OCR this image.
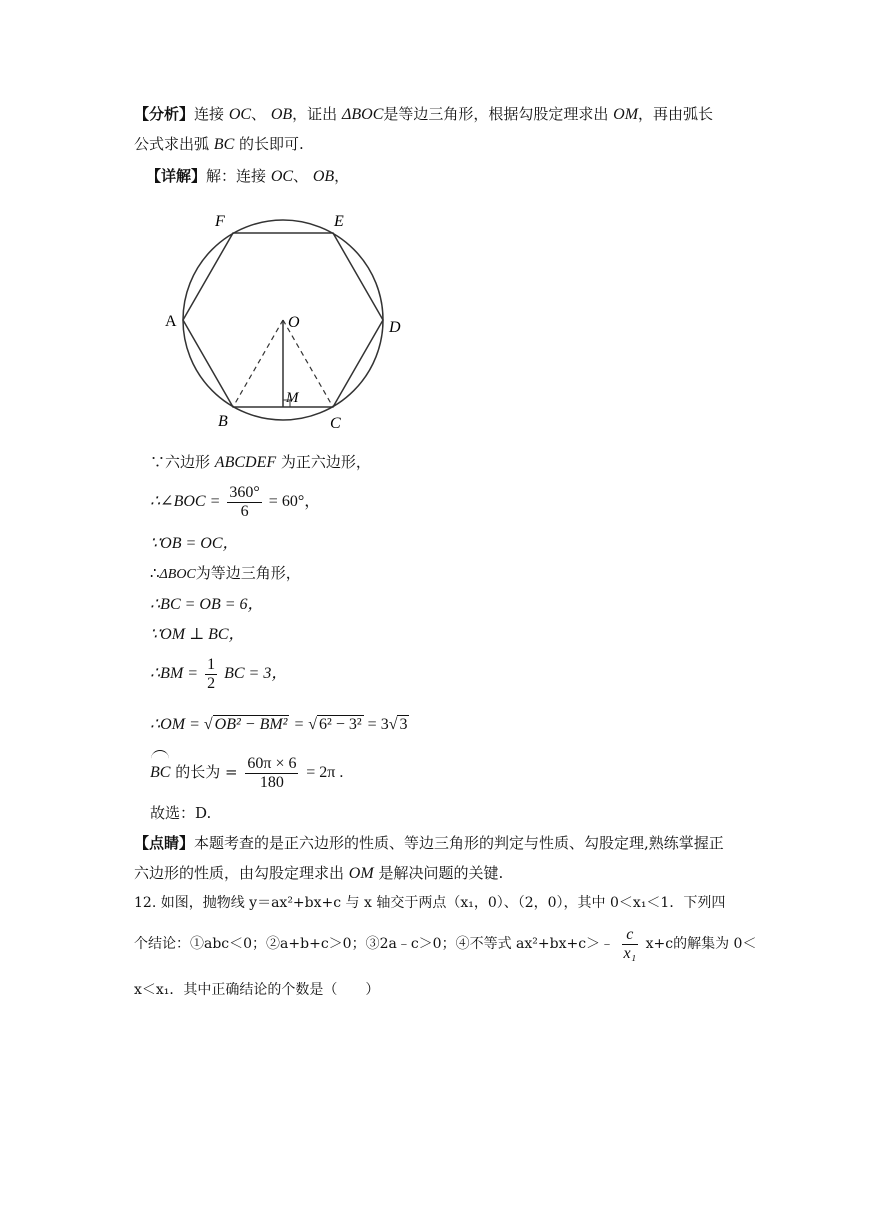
【分析】连接 OC、 OB，证出 ΔBOC是等边三角形，根据勾股定理求出 OM，再由弧长
公式求出弧 BC 的长即可.
【详解】解：连接 OC、 OB，
F	E
A	D
O
M
B	C
∵六边形 ABCDEF 为正六边形，
∴∠BOC = $\frac{360^\circ}{6} = 60^\circ$，
∵OB = OC，
∴ΔBOC为等边三角形，
∴BC = OB = 6，
∵OM ⊥ BC，
∴BM = $\frac{1}{2}$ BC = 3，
∴OM = √ OB² − BM² = √ 6² − 3² = 3√ 3
BC 的长为 = $\frac{60\pi \times 6}{180} = 2\pi$ .
故选：D.
【点睛】本题考查的是正六边形的性质、等边三角形的判定与性质、勾股定理,熟练掌握正
六边形的性质，由勾股定理求出 OM 是解决问题的关键.
12. 如图，抛物线 y＝ax²+bx+c 与 x 轴交于两点（x₁，0）、（2，0），其中 0＜x₁＜1．下列四
个结论：①abc＜0；②a+b+c＞0；③2a﹣c＞0；④不等式 ax²+bx+c＞﹣ $\frac{c}{\text{x₁}} x+c$的解集为 0＜
x＜x₁．其中正确结论的个数是（　　）
